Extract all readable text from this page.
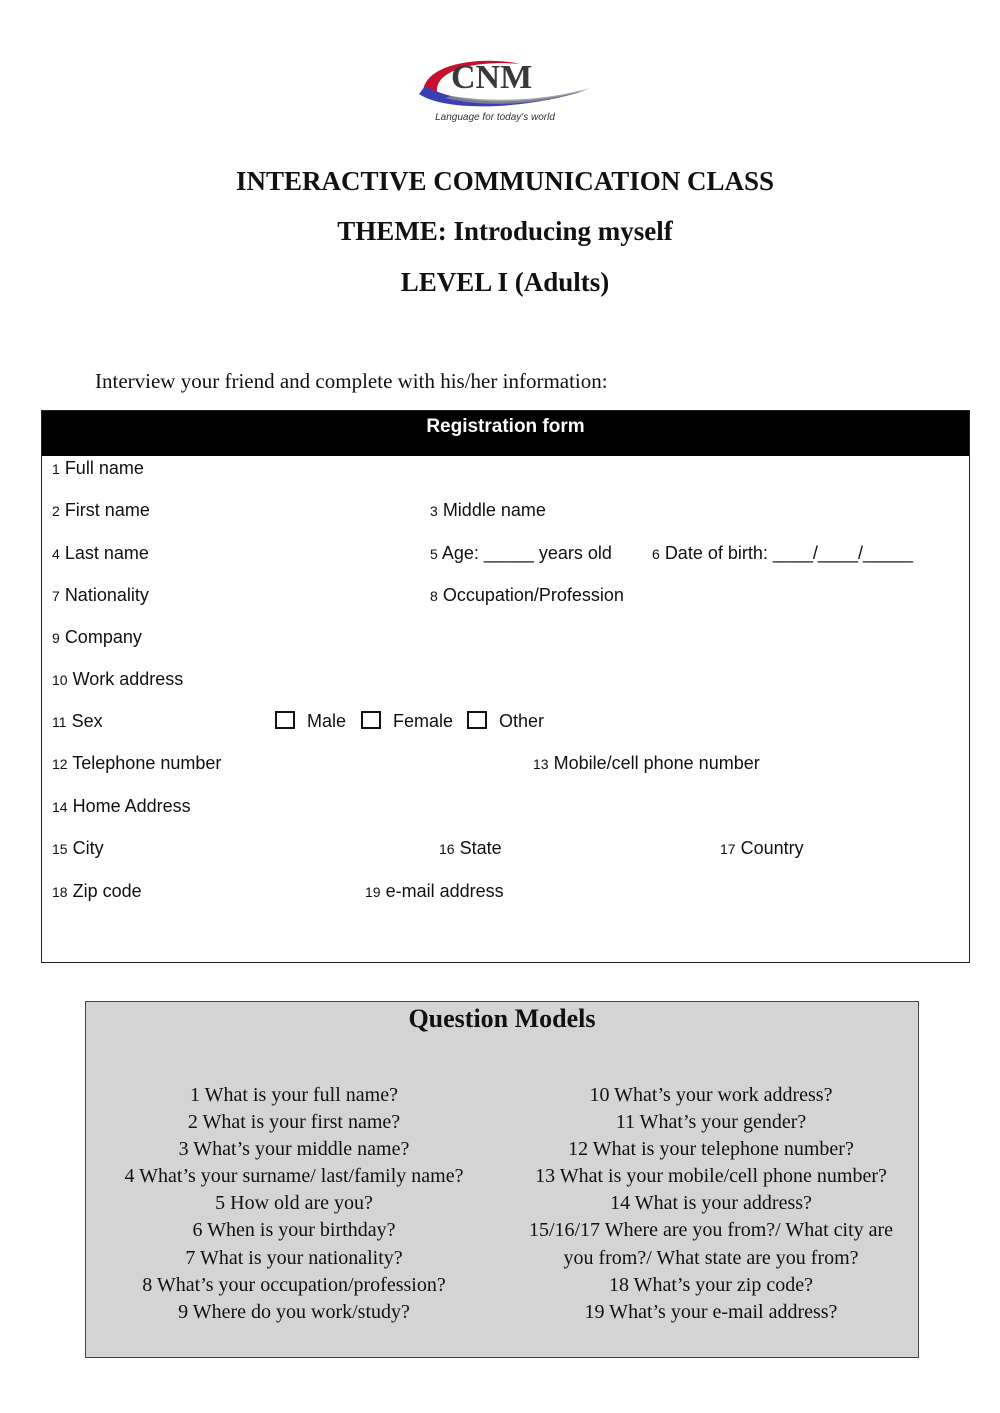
CNM
Language for today's world
INTERACTIVE COMMUNICATION CLASS
THEME: Introducing myself
LEVEL I (Adults)
Interview your friend and complete with his/her information:
Registration form
1 Full name
2 First name	3 Middle name
4 Last name	5 Age: _____ years old	6 Date of birth: ____/____/_____
7 Nationality	8 Occupation/Profession
9 Company
10 Work address
11 Sex	Male	Female	Other
12 Telephone number	13 Mobile/cell phone number
14 Home Address
15 City	16 State	17 Country
18 Zip code	19 e-mail address
Question Models
1 What is your full name?
2 What is your first name?
3 What’s your middle name?
4 What’s your surname/ last/family name?
5 How old are you?
6 When is your birthday?
7 What is your nationality?
8 What’s your occupation/profession?
9 Where do you work/study?
10 What’s your work address?
11 What’s your gender?
12 What is your telephone number?
13 What is your mobile/cell phone number?
14 What is your address?
15/16/17 Where are you from?/ What city are
you from?/ What state are you from?
18 What’s your zip code?
19 What’s your e-mail address?
